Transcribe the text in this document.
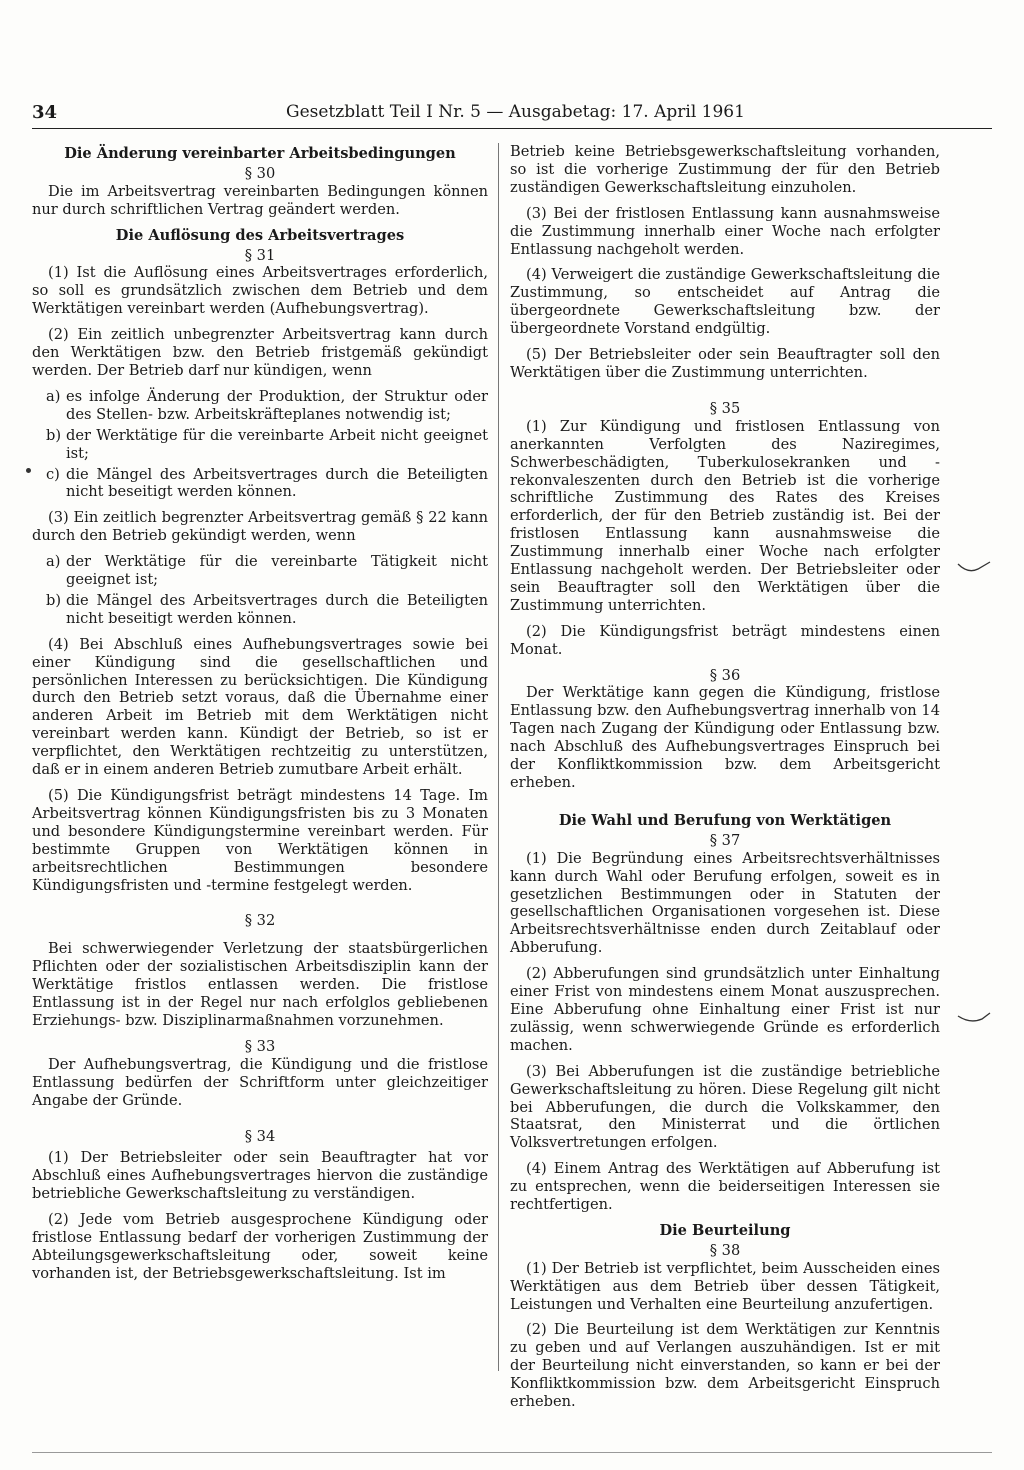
34	Gesetzblatt Teil I Nr. 5 — Ausgabetag: 17. April 1961
Die Änderung vereinbarter Arbeitsbedingungen
§ 30

Die im Arbeitsvertrag vereinbarten Bedingungen können nur durch schriftlichen Vertrag geändert werden.

Die Auflösung des Arbeitsvertrages
§ 31

(1) Ist die Auflösung eines Arbeitsvertrages erforderlich, so soll es grundsätzlich zwischen dem Betrieb und dem Werktätigen vereinbart werden (Aufhebungsvertrag).

(2) Ein zeitlich unbegrenzter Arbeitsvertrag kann durch den Werktätigen bzw. den Betrieb fristgemäß gekündigt werden. Der Betrieb darf nur kündigen, wenn

a) es infolge Änderung der Produktion, der Struktur oder des Stellen- bzw. Arbeitskräfteplanes notwendig ist;
b) der Werktätige für die vereinbarte Arbeit nicht geeignet ist;
c) die Mängel des Arbeitsvertrages durch die Beteiligten nicht beseitigt werden können.

(3) Ein zeitlich begrenzter Arbeitsvertrag gemäß § 22 kann durch den Betrieb gekündigt werden, wenn

a) der Werktätige für die vereinbarte Tätigkeit nicht geeignet ist;
b) die Mängel des Arbeitsvertrages durch die Beteiligten nicht beseitigt werden können.

(4) Bei Abschluß eines Aufhebungsvertrages sowie bei einer Kündigung sind die gesellschaftlichen und persönlichen Interessen zu berücksichtigen. Die Kündigung durch den Betrieb setzt voraus, daß die Übernahme einer anderen Arbeit im Betrieb mit dem Werktätigen nicht vereinbart werden kann. Kündigt der Betrieb, so ist er verpflichtet, den Werktätigen rechtzeitig zu unterstützen, daß er in einem anderen Betrieb zumutbare Arbeit erhält.

(5) Die Kündigungsfrist beträgt mindestens 14 Tage. Im Arbeitsvertrag können Kündigungsfristen bis zu 3 Monaten und besondere Kündigungstermine vereinbart werden. Für bestimmte Gruppen von Werktätigen können in arbeitsrechtlichen Bestimmungen besondere Kündigungsfristen und -termine festgelegt werden.

§ 32

Bei schwerwiegender Verletzung der staatsbürgerlichen Pflichten oder der sozialistischen Arbeitsdisziplin kann der Werktätige fristlos entlassen werden. Die fristlose Entlassung ist in der Regel nur nach erfolglos gebliebenen Erziehungs- bzw. Disziplinarmaßnahmen vorzunehmen.

§ 33

Der Aufhebungsvertrag, die Kündigung und die fristlose Entlassung bedürfen der Schriftform unter gleichzeitiger Angabe der Gründe.

§ 34

(1) Der Betriebsleiter oder sein Beauftragter hat vor Abschluß eines Aufhebungsvertrages hiervon die zuständige betriebliche Gewerkschaftsleitung zu verständigen.

(2) Jede vom Betrieb ausgesprochene Kündigung oder fristlose Entlassung bedarf der vorherigen Zustimmung der Abteilungsgewerkschaftsleitung oder, soweit keine vorhanden ist, der Betriebsgewerkschaftsleitung. Ist im

Betrieb keine Betriebsgewerkschaftsleitung vorhanden, so ist die vorherige Zustimmung der für den Betrieb zuständigen Gewerkschaftsleitung einzuholen.

(3) Bei der fristlosen Entlassung kann ausnahmsweise die Zustimmung innerhalb einer Woche nach erfolgter Entlassung nachgeholt werden.

(4) Verweigert die zuständige Gewerkschaftsleitung die Zustimmung, so entscheidet auf Antrag die übergeordnete Gewerkschaftsleitung bzw. der übergeordnete Vorstand endgültig.

(5) Der Betriebsleiter oder sein Beauftragter soll den Werktätigen über die Zustimmung unterrichten.

§ 35

(1) Zur Kündigung und fristlosen Entlassung von anerkannten Verfolgten des Naziregimes, Schwerbeschädigten, Tuberkulosekranken und -rekonvaleszenten durch den Betrieb ist die vorherige schriftliche Zustimmung des Rates des Kreises erforderlich, der für den Betrieb zuständig ist. Bei der fristlosen Entlassung kann ausnahmsweise die Zustimmung innerhalb einer Woche nach erfolgter Entlassung nachgeholt werden. Der Betriebsleiter oder sein Beauftragter soll den Werktätigen über die Zustimmung unterrichten.

(2) Die Kündigungsfrist beträgt mindestens einen Monat.

§ 36

Der Werktätige kann gegen die Kündigung, fristlose Entlassung bzw. den Aufhebungsvertrag innerhalb von 14 Tagen nach Zugang der Kündigung oder Entlassung bzw. nach Abschluß des Aufhebungsvertrages Einspruch bei der Konfliktkommission bzw. dem Arbeitsgericht erheben.

Die Wahl und Berufung von Werktätigen
§ 37

(1) Die Begründung eines Arbeitsrechtsverhältnisses kann durch Wahl oder Berufung erfolgen, soweit es in gesetzlichen Bestimmungen oder in Statuten der gesellschaftlichen Organisationen vorgesehen ist. Diese Arbeitsrechtsverhältnisse enden durch Zeitablauf oder Abberufung.

(2) Abberufungen sind grundsätzlich unter Einhaltung einer Frist von mindestens einem Monat auszusprechen. Eine Abberufung ohne Einhaltung einer Frist ist nur zulässig, wenn schwerwiegende Gründe es erforderlich machen.

(3) Bei Abberufungen ist die zuständige betriebliche Gewerkschaftsleitung zu hören. Diese Regelung gilt nicht bei Abberufungen, die durch die Volkskammer, den Staatsrat, den Ministerrat und die örtlichen Volksvertretungen erfolgen.

(4) Einem Antrag des Werktätigen auf Abberufung ist zu entsprechen, wenn die beiderseitigen Interessen sie rechtfertigen.

Die Beurteilung
§ 38

(1) Der Betrieb ist verpflichtet, beim Ausscheiden eines Werktätigen aus dem Betrieb über dessen Tätigkeit, Leistungen und Verhalten eine Beurteilung anzufertigen.

(2) Die Beurteilung ist dem Werktätigen zur Kenntnis zu geben und auf Verlangen auszuhändigen. Ist er mit der Beurteilung nicht einverstanden, so kann er bei der Konfliktkommission bzw. dem Arbeitsgericht Einspruch erheben.
